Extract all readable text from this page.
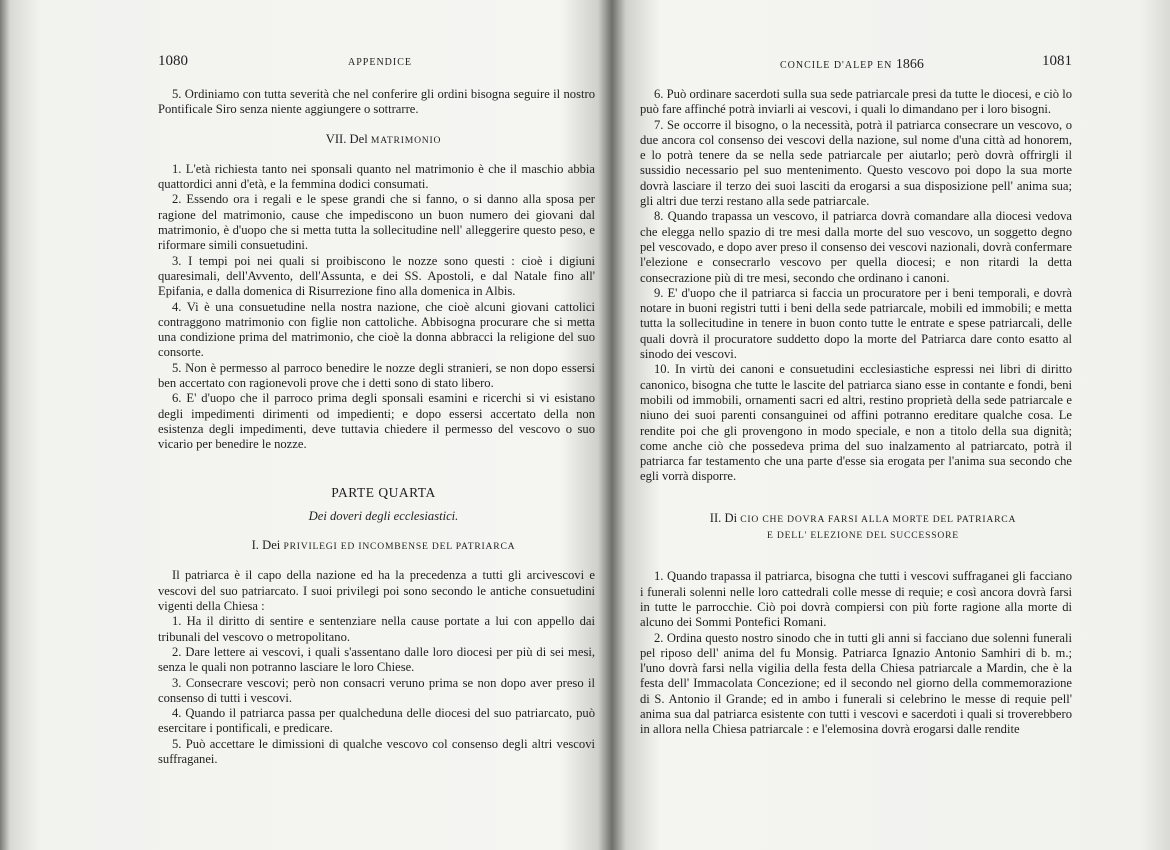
1080	APPENDICE

5. Ordiniamo con tutta severità che nel conferire gli ordini bisogna seguire il nostro Pontificale Siro senza niente aggiungere o sottrarre.

VII. Del MATRIMONIO

1. L'età richiesta tanto nei sponsali quanto nel matrimonio è che il maschio abbia quattordici anni d'età, e la femmina dodici consumati.

2. Essendo ora i regali e le spese grandi che si fanno, o si danno alla sposa per ragione del matrimonio, cause che impediscono un buon numero dei giovani dal matrimonio, è d'uopo che si metta tutta la sollecitudine nell' alleggerire questo peso, e riformare simili consuetudini.

3. I tempi poi nei quali si proibiscono le nozze sono questi : cioè i digiuni quaresimali, dell'Avvento, dell'Assunta, e dei SS. Apostoli, e dal Natale fino all' Epifania, e dalla domenica di Risurrezione fino alla domenica in Albis.

4. Vi è una consuetudine nella nostra nazione, che cioè alcuni giovani cattolici contraggono matrimonio con figlie non cattoliche. Abbisogna procurare che si metta una condizione prima del matrimonio, che cioè la donna abbracci la religione del suo consorte.

5. Non è permesso al parroco benedire le nozze degli stranieri, se non dopo essersi ben accertato con ragionevoli prove che i detti sono di stato libero.

6. E' d'uopo che il parroco prima degli sponsali esamini e ricerchi si vi esistano degli impedimenti dirimenti od impedienti; e dopo essersi accertato della non esistenza degli impedimenti, deve tuttavia chiedere il permesso del vescovo o suo vicario per benedire le nozze.

PARTE QUARTA

Dei doveri degli ecclesiastici.

I. Dei PRIVILEGI ED INCOMBENSE DEL PATRIARCA

Il patriarca è il capo della nazione ed ha la precedenza a tutti gli arcivescovi e vescovi del suo patriarcato. I suoi privilegi poi sono secondo le antiche consuetudini vigenti della Chiesa :

1. Ha il diritto di sentire e sentenziare nella cause portate a lui con appello dai tribunali del vescovo o metropolitano.

2. Dare lettere ai vescovi, i quali s'assentano dalle loro diocesi per più di sei mesi, senza le quali non potranno lasciare le loro Chiese.

3. Consecrare vescovi; però non consacri veruno prima se non dopo aver preso il consenso di tutti i vescovi.

4. Quando il patriarca passa per qualcheduna delle diocesi del suo patriarcato, può esercitare i pontificali, e predicare.

5. Può accettare le dimissioni di qualche vescovo col consenso degli altri vescovi suffraganei.

CONCILE D'ALEP EN 1866	1081

6. Può ordinare sacerdoti sulla sua sede patriarcale presi da tutte le diocesi, e ciò lo può fare affinché potrà inviarli ai vescovi, i quali lo dimandano per i loro bisogni.

7. Se occorre il bisogno, o la necessità, potrà il patriarca consecrare un vescovo, o due ancora col consenso dei vescovi della nazione, sul nome d'una città ad honorem, e lo potrà tenere da se nella sede patriarcale per aiutarlo; però dovrà offrirgli il sussidio necessario pel suo mentenimento. Questo vescovo poi dopo la sua morte dovrà lasciare il terzo dei suoi lasciti da erogarsi a sua disposizione pell' anima sua; gli altri due terzi restano alla sede patriarcale.

8. Quando trapassa un vescovo, il patriarca dovrà comandare alla diocesi vedova che elegga nello spazio di tre mesi dalla morte del suo vescovo, un soggetto degno pel vescovado, e dopo aver preso il consenso dei vescovi nazionali, dovrà confermare l'elezione e consecrarlo vescovo per quella diocesi; e non ritardi la detta consecrazione più di tre mesi, secondo che ordinano i canoni.

9. E' d'uopo che il patriarca si faccia un procuratore per i beni temporali, e dovrà notare in buoni registri tutti i beni della sede patriarcale, mobili ed immobili; e metta tutta la sollecitudine in tenere in buon conto tutte le entrate e spese patriarcali, delle quali dovrà il procuratore suddetto dopo la morte del Patriarca dare conto esatto al sinodo dei vescovi.

10. In virtù dei canoni e consuetudini ecclesiastiche espressi nei libri di diritto canonico, bisogna che tutte le lascite del patriarca siano esse in contante e fondi, beni mobili od immobili, ornamenti sacri ed altri, restino proprietà della sede patriarcale e niuno dei suoi parenti consanguinei od affini potranno ereditare qualche cosa. Le rendite poi che gli provengono in modo speciale, e non a titolo della sua dignità; come anche ciò che possedeva prima del suo inalzamento al patriarcato, potrà il patriarca far testamento che una parte d'esse sia erogata per l'anima sua secondo che egli vorrà disporre.

II. Di CIO CHE DOVRA FARSI ALLA MORTE DEL PATRIARCA

E DELL' ELEZIONE DEL SUCCESSORE

1. Quando trapassa il patriarca, bisogna che tutti i vescovi suffraganei gli facciano i funerali solenni nelle loro cattedrali colle messe di requie; e così ancora dovrà farsi in tutte le parrocchie. Ciò poi dovrà compiersi con più forte ragione alla morte di alcuno dei Sommi Pontefici Romani.

2. Ordina questo nostro sinodo che in tutti gli anni si facciano due solenni funerali pel riposo dell' anima del fu Monsig. Patriarca Ignazio Antonio Samhiri di b. m.; l'uno dovrà farsi nella vigilia della festa della Chiesa patriarcale a Mardin, che è la festa dell' Immacolata Concezione; ed il secondo nel giorno della commemorazione di S. Antonio il Grande; ed in ambo i funerali si celebrino le messe di requie pell' anima sua dal patriarca esistente con tutti i vescovi e sacerdoti i quali si troverebbero in allora nella Chiesa patriarcale : e l'elemosina dovrà erogarsi dalle rendite
